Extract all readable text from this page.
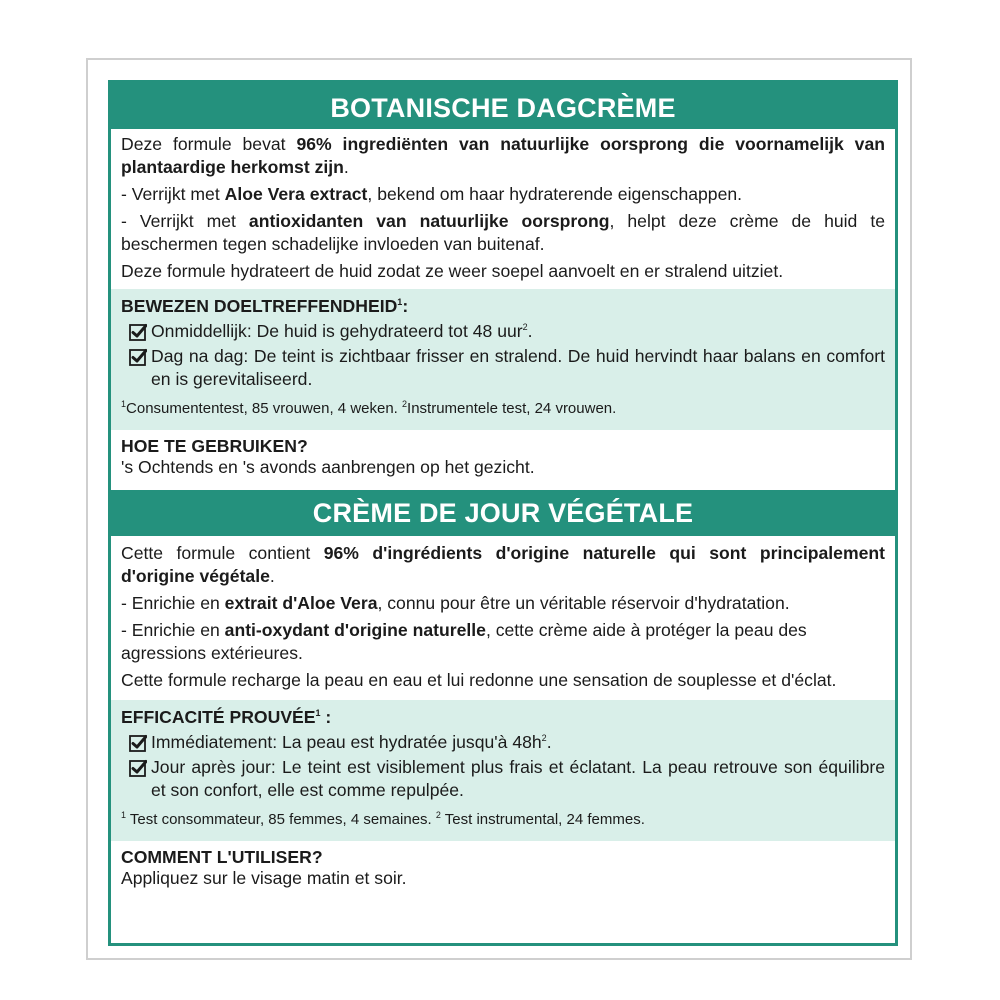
BOTANISCHE DAGCRÈME

Deze formule bevat 96% ingrediënten van natuurlijke oorsprong die voornamelijk van plantaardige herkomst zijn.

- Verrijkt met Aloe Vera extract, bekend om haar hydraterende eigenschappen.

- Verrijkt met antioxidanten van natuurlijke oorsprong, helpt deze crème de huid te beschermen tegen schadelijke invloeden van buitenaf.

Deze formule hydrateert de huid zodat ze weer soepel aanvoelt en er stralend uitziet.

BEWEZEN DOELTREFFENDHEID$^1$:

Onmiddellijk: De huid is gehydrateerd tot 48 uur$^2$.
Dag na dag: De teint is zichtbaar frisser en stralend. De huid hervindt haar balans en comfort en is gerevitaliseerd.
$^1$Consumententest, 85 vrouwen, 4 weken. $^2$Instrumentele test, 24 vrouwen.

HOE TE GEBRUIKEN?

's Ochtends en 's avonds aanbrengen op het gezicht.

CRÈME DE JOUR VÉGÉTALE

Cette formule contient 96% d'ingrédients d'origine naturelle qui sont principalement d'origine végétale.

- Enrichie en extrait d'Aloe Vera, connu pour être un véritable réservoir d'hydratation.

- Enrichie en anti-oxydant d'origine naturelle, cette crème aide à protéger la peau des agressions extérieures.

Cette formule recharge la peau en eau et lui redonne une sensation de souplesse et d'éclat.

EFFICACITÉ PROUVÉE$^1$ :

Immédiatement: La peau est hydratée jusqu'à $48h^2$.
Jour après jour: Le teint est visiblement plus frais et éclatant. La peau retrouve son équilibre et son confort, elle est comme repulpée.
$^1$ Test consommateur, 85 femmes, 4 semaines. $^2$ Test instrumental, 24 femmes.

COMMENT L'UTILISER?

Appliquez sur le visage matin et soir.
